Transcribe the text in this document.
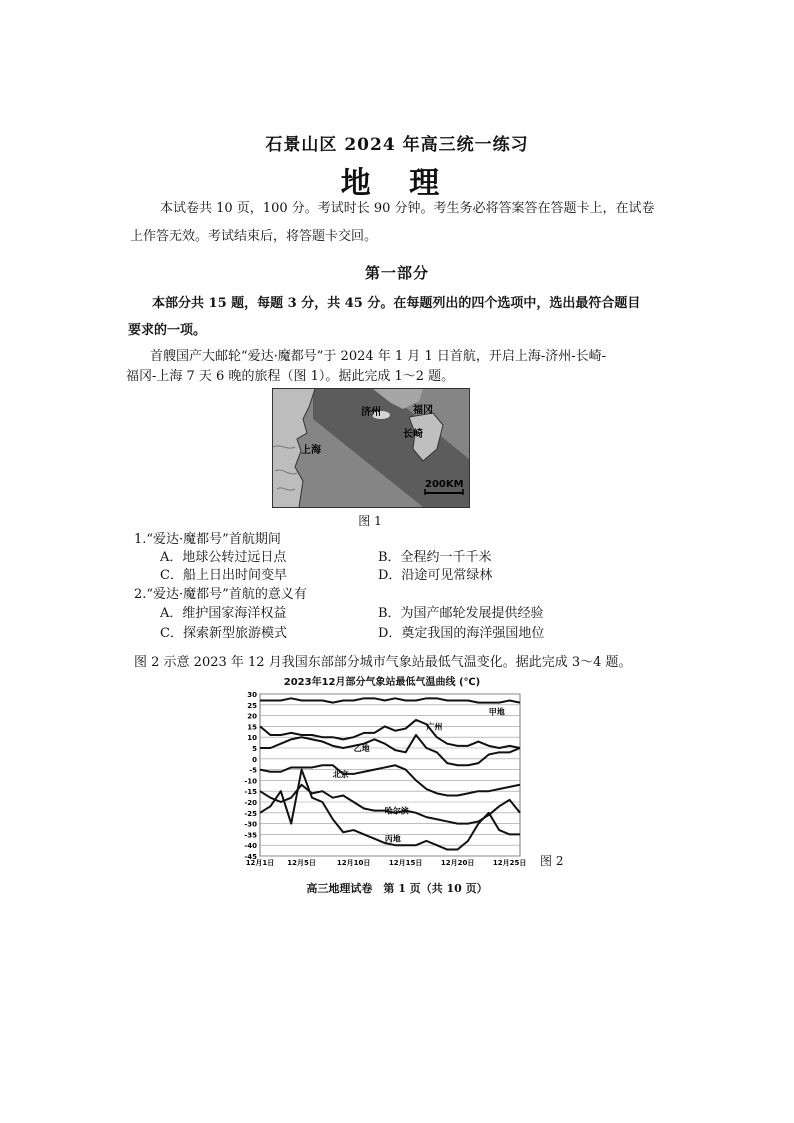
石景山区 2024 年高三统一练习
地 理
本试卷共 10 页，100 分。考试时长 90 分钟。考生务必将答案答在答题卡上，在试卷
上作答无效。考试结束后，将答题卡交回。
第一部分
本部分共 15 题，每题 3 分，共 45 分。在每题列出的四个选项中，选出最符合题目
要求的一项。
首艘国产大邮轮“爱达·魔都号”于 2024 年 1 月 1 日首航，开启上海-济州-长崎-
福冈-上海 7 天 6 晚的旅程（图 1）。据此完成 1～2 题。
济州	福冈
长崎
上海
200KM
图 1
1.“爱达·魔都号”首航期间
A．地球公转过远日点	B．全程约一千千米
C．船上日出时间变早	D．沿途可见常绿林
2.“爱达·魔都号”首航的意义有
A．维护国家海洋权益	B．为国产邮轮发展提供经验
C．探索新型旅游模式	D．奠定我国的海洋强国地位
图 2 示意 2023 年 12 月我国东部部分城市气象站最低气温变化。据此完成 3～4 题。
2023年12月部分气象站最低气温曲线 (℃)
30
25
20
15
10
5
0
-5
-10
-15
-20
-25
-30
-35
-40
-45
12月1日 12月5日	12月10日	12月15日	12月20日	12月25日
甲地
广州
乙地
北京
哈尔滨
丙地
图 2
高三地理试卷　第 1 页（共 10 页）
